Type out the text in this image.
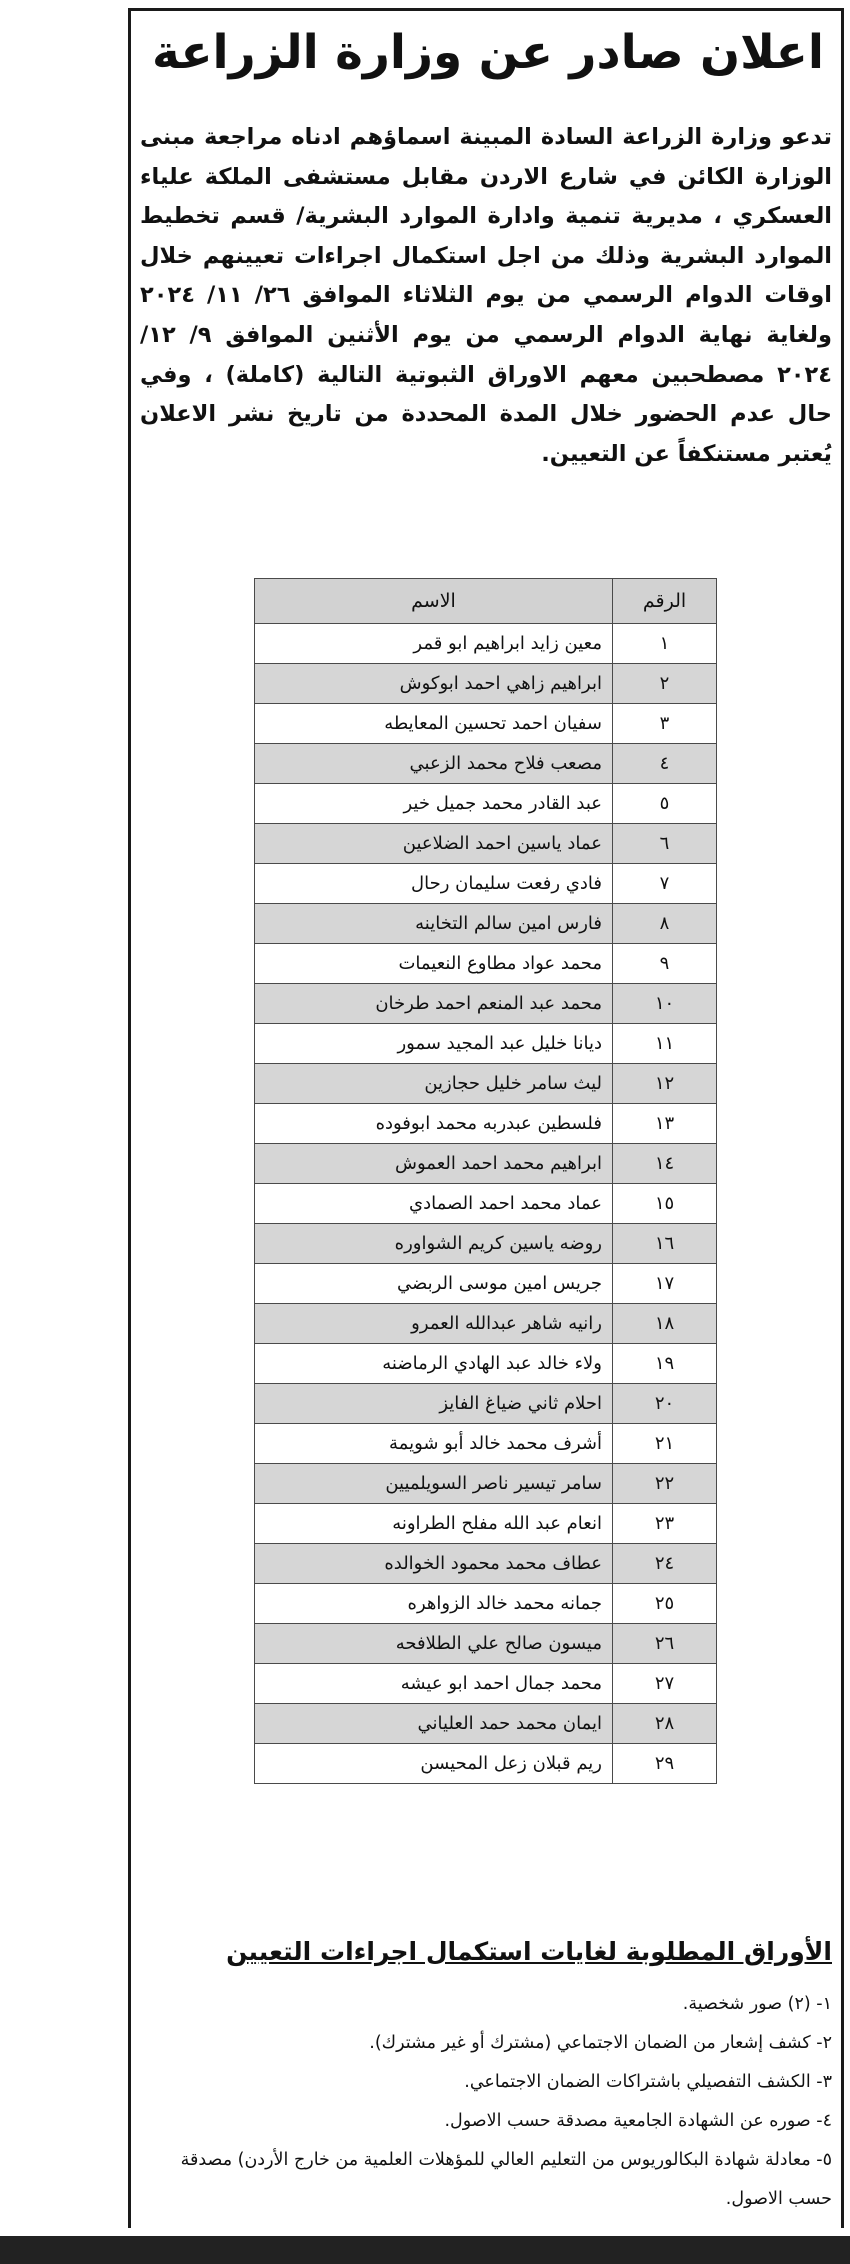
اعلان صادر عن وزارة الزراعة

تدعو وزارة الزراعة السادة المبينة اسماؤهم ادناه مراجعة مبنى الوزارة الكائن في شارع الاردن مقابل مستشفى الملكة علياء العسكري ، مديرية تنمية وادارة الموارد البشرية/ قسم تخطيط الموارد البشرية وذلك من اجل استكمال اجراءات تعيينهم خلال اوقات الدوام الرسمي من يوم الثلاثاء الموافق ٢٦/ ١١/ ٢٠٢٤ ولغاية نهاية الدوام الرسمي من يوم الأثنين الموافق ٩/ ١٢/ ٢٠٢٤ مصطحبين معهم الاوراق الثبوتية التالية (كاملة) ، وفي حال عدم الحضور خلال المدة المحددة من تاريخ نشر الاعلان يُعتبر مستنكفاً عن التعيين.

الرقم	الاسم
١	معين زايد ابراهيم ابو قمر
٢	ابراهيم زاهي احمد ابوكوش
٣	سفيان احمد تحسين المعايطه
٤	مصعب فلاح محمد الزعبي
٥	عبد القادر محمد جميل خير
٦	عماد ياسين احمد الضلاعين
٧	فادي رفعت سليمان رحال
٨	فارس امين سالم التخاينه
٩	محمد عواد مطاوع النعيمات
١٠	محمد عبد المنعم احمد طرخان
١١	ديانا خليل عبد المجيد سمور
١٢	ليث سامر خليل حجازين
١٣	فلسطين عبدربه محمد ابوفوده
١٤	ابراهيم محمد احمد العموش
١٥	عماد محمد احمد الصمادي
١٦	روضه ياسين كريم الشواوره
١٧	جريس امين موسى الربضي
١٨	رانيه شاهر عبدالله العمرو
١٩	ولاء خالد عبد الهادي الرماضنه
٢٠	احلام ثاني ضياغ الفايز
٢١	أشرف محمد خالد أبو شويمة
٢٢	سامر تيسير ناصر السويلميين
٢٣	انعام عبد الله مفلح الطراونه
٢٤	عطاف محمد محمود الخوالده
٢٥	جمانه محمد خالد الزواهره
٢٦	ميسون صالح علي الطلافحه
٢٧	محمد جمال احمد ابو عيشه
٢٨	ايمان محمد حمد العلياني
٢٩	ريم قبلان زعل المحيسن
الأوراق المطلوبة لغايات استكمال اجراءات التعيين
١- (٢) صور شخصية.
٢- كشف إشعار من الضمان الاجتماعي (مشترك أو غير مشترك).
٣- الكشف التفصيلي باشتراكات الضمان الاجتماعي.
٤- صوره عن الشهادة الجامعية مصدقة حسب الاصول.
٥- معادلة شهادة البكالوريوس من التعليم العالي للمؤهلات العلمية من خارج الأردن) مصدقة حسب الاصول.
